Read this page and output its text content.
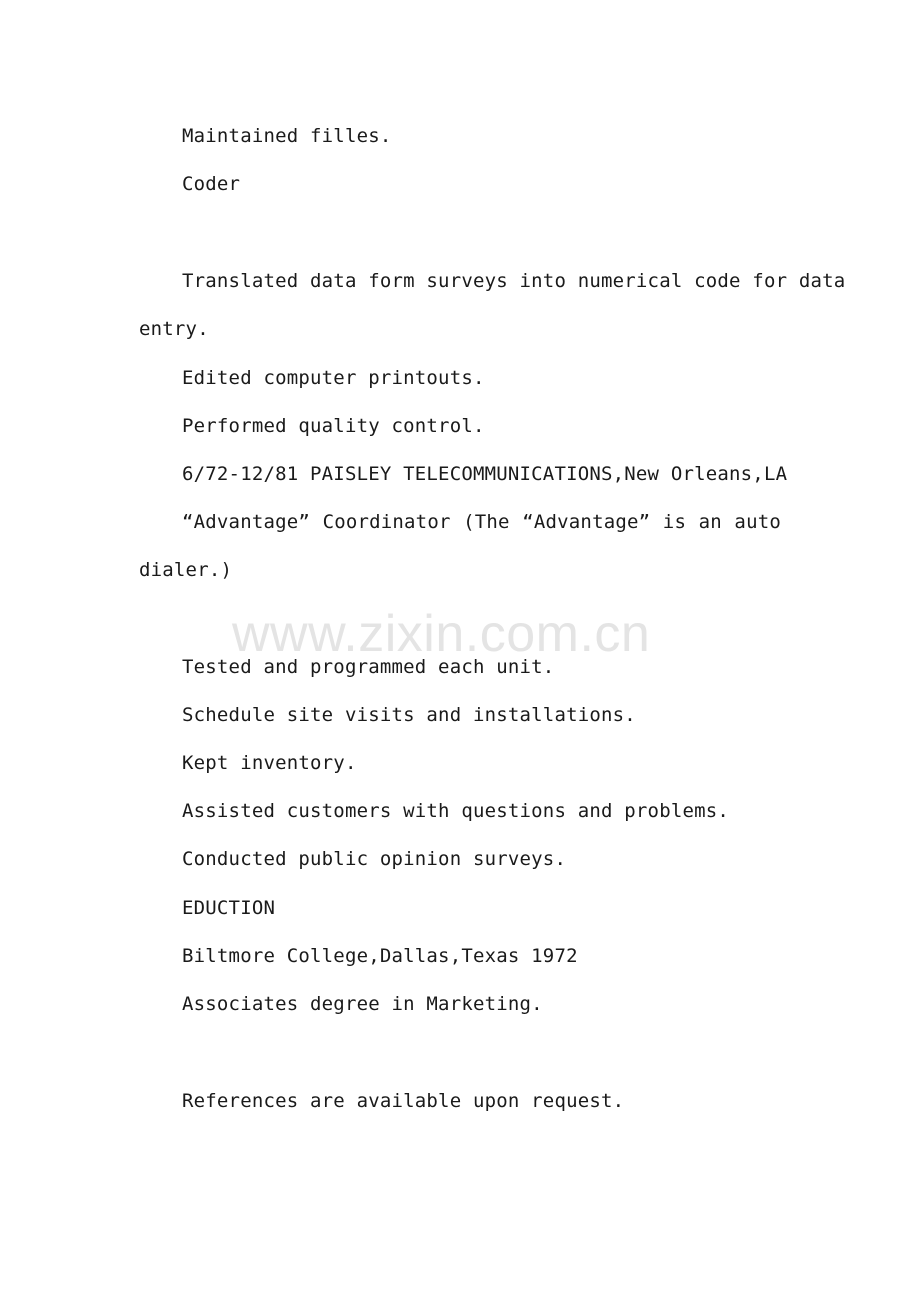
Maintained filles.
Coder
Translated data form surveys into numerical code for data
entry.
Edited computer printouts.
Performed quality control.
6/72-12/81 PAISLEY TELECOMMUNICATIONS,New Orleans,LA
“Advantage” Coordinator (The “Advantage” is an auto
dialer.)
www.zixin.com.cn
Tested and programmed each unit.
Schedule site visits and installations.
Kept inventory.
Assisted customers with questions and problems.
Conducted public opinion surveys.
EDUCTION
Biltmore College,Dallas,Texas 1972
Associates degree in Marketing.
References are available upon request.
